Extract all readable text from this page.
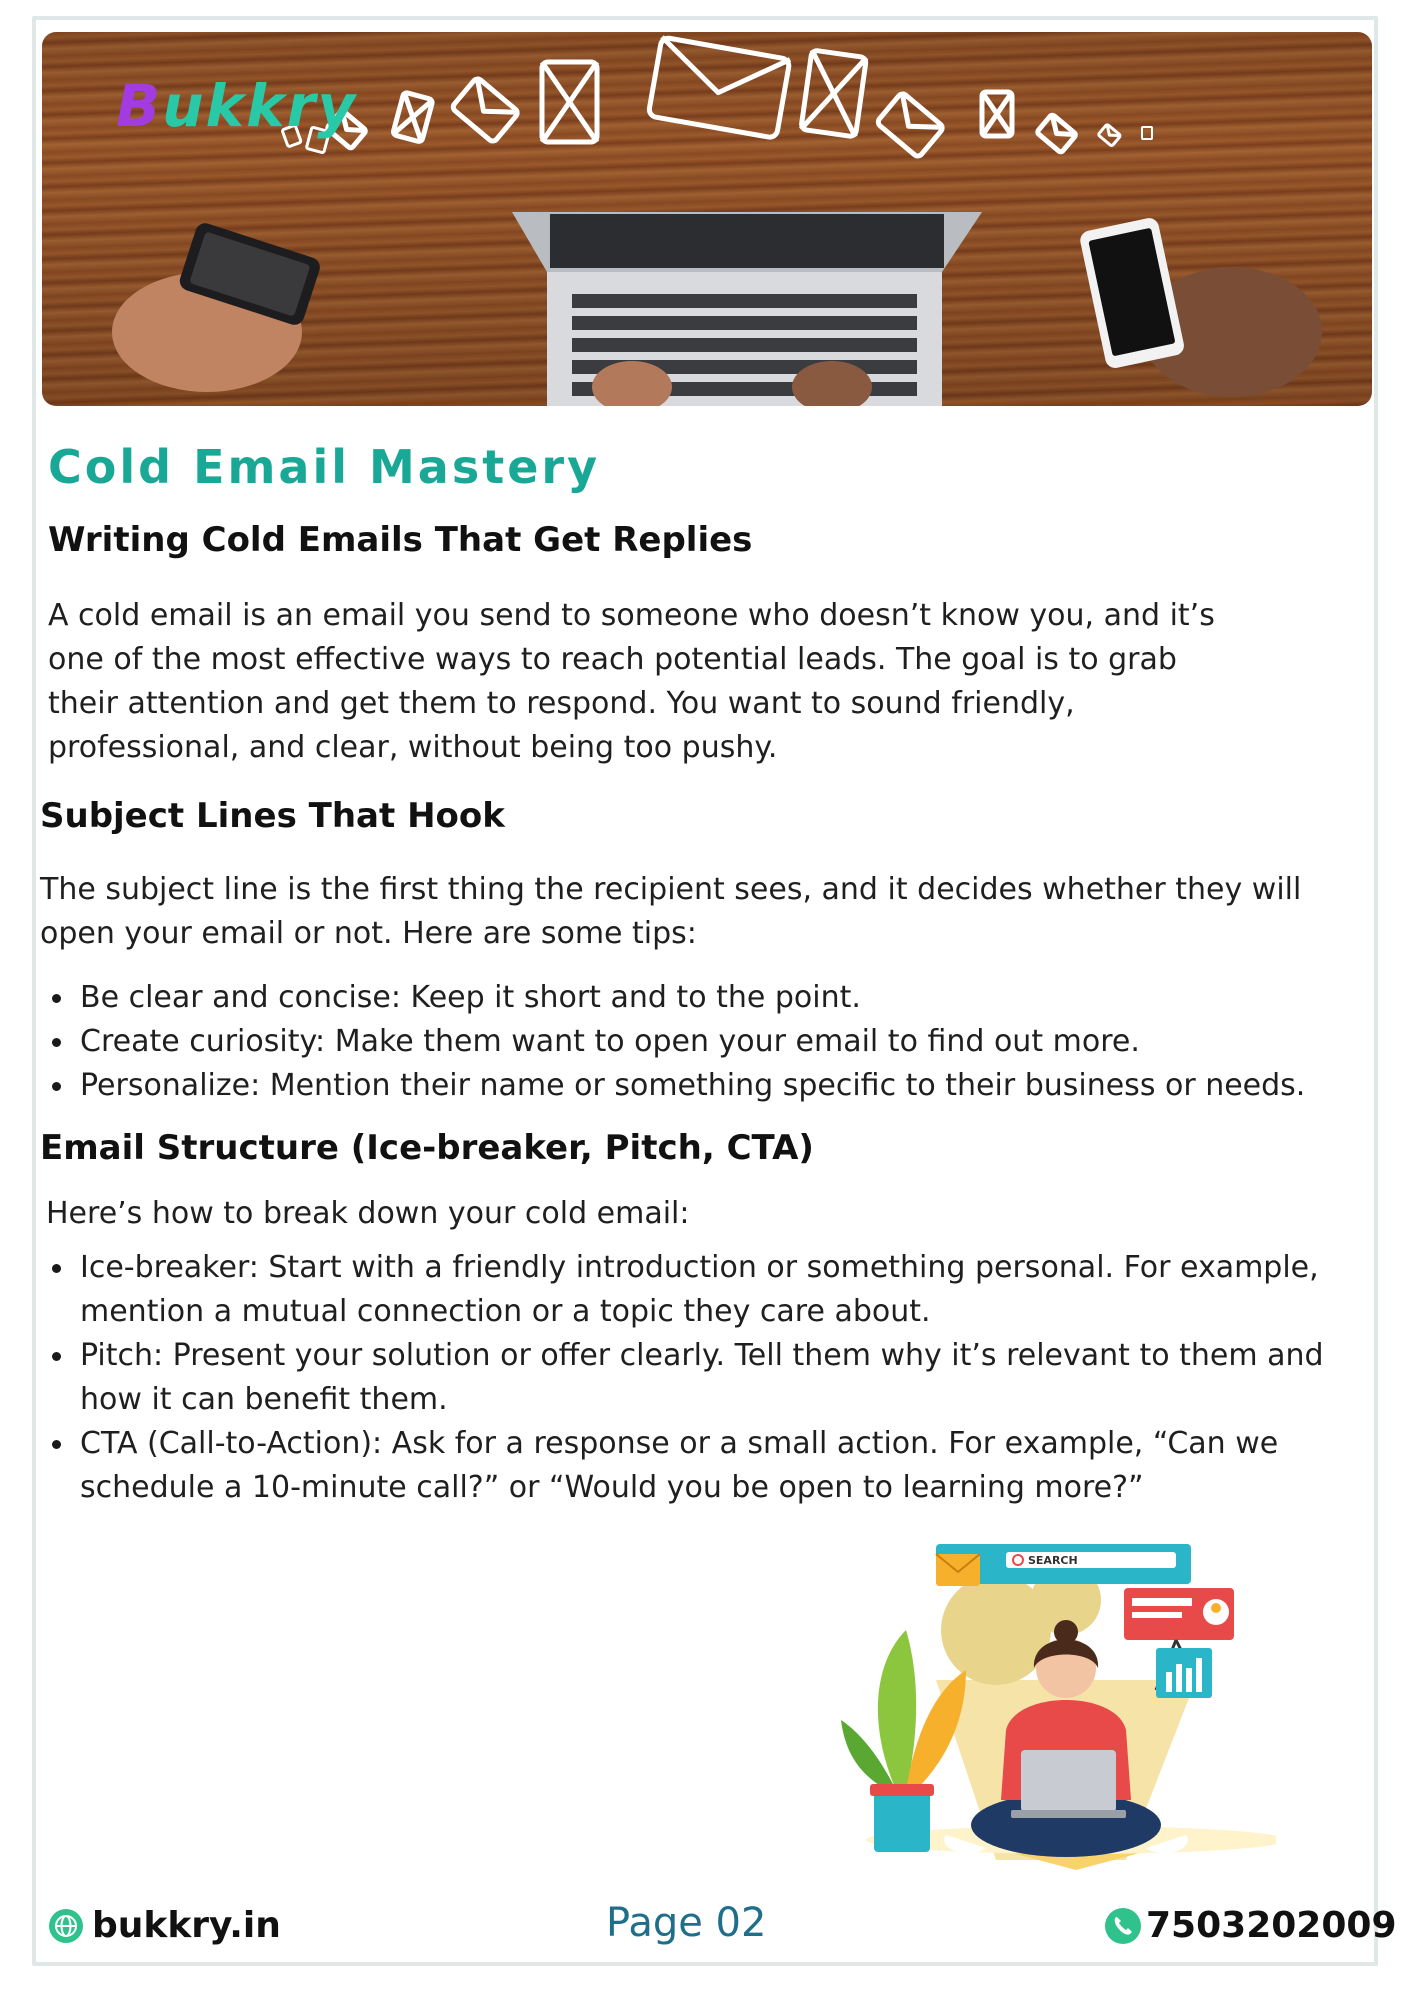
Bukkry
Cold Email Mastery
Writing Cold Emails That Get Replies

A cold email is an email you send to someone who doesn’t know you, and it’s one of the most effective ways to reach potential leads. The goal is to grab their attention and get them to respond. You want to sound friendly, professional, and clear, without being too pushy.

Subject Lines That Hook

The subject line is the first thing the recipient sees, and it decides whether they will open your email or not. Here are some tips:

Be clear and concise: Keep it short and to the point.
Create curiosity: Make them want to open your email to find out more.
Personalize: Mention their name or something specific to their business or needs.
Email Structure (Ice-breaker, Pitch, CTA)

Here’s how to break down your cold email:

Ice-breaker: Start with a friendly introduction or something personal. For example, mention a mutual connection or a topic they care about.
Pitch: Present your solution or offer clearly. Tell them why it’s relevant to them and how it can benefit them.
CTA (Call-to-Action): Ask for a response or a small action. For example, “Can we schedule a 10-minute call?” or “Would you be open to learning more?”
SEARCH
bukkry.in	Page 02	7503202009
